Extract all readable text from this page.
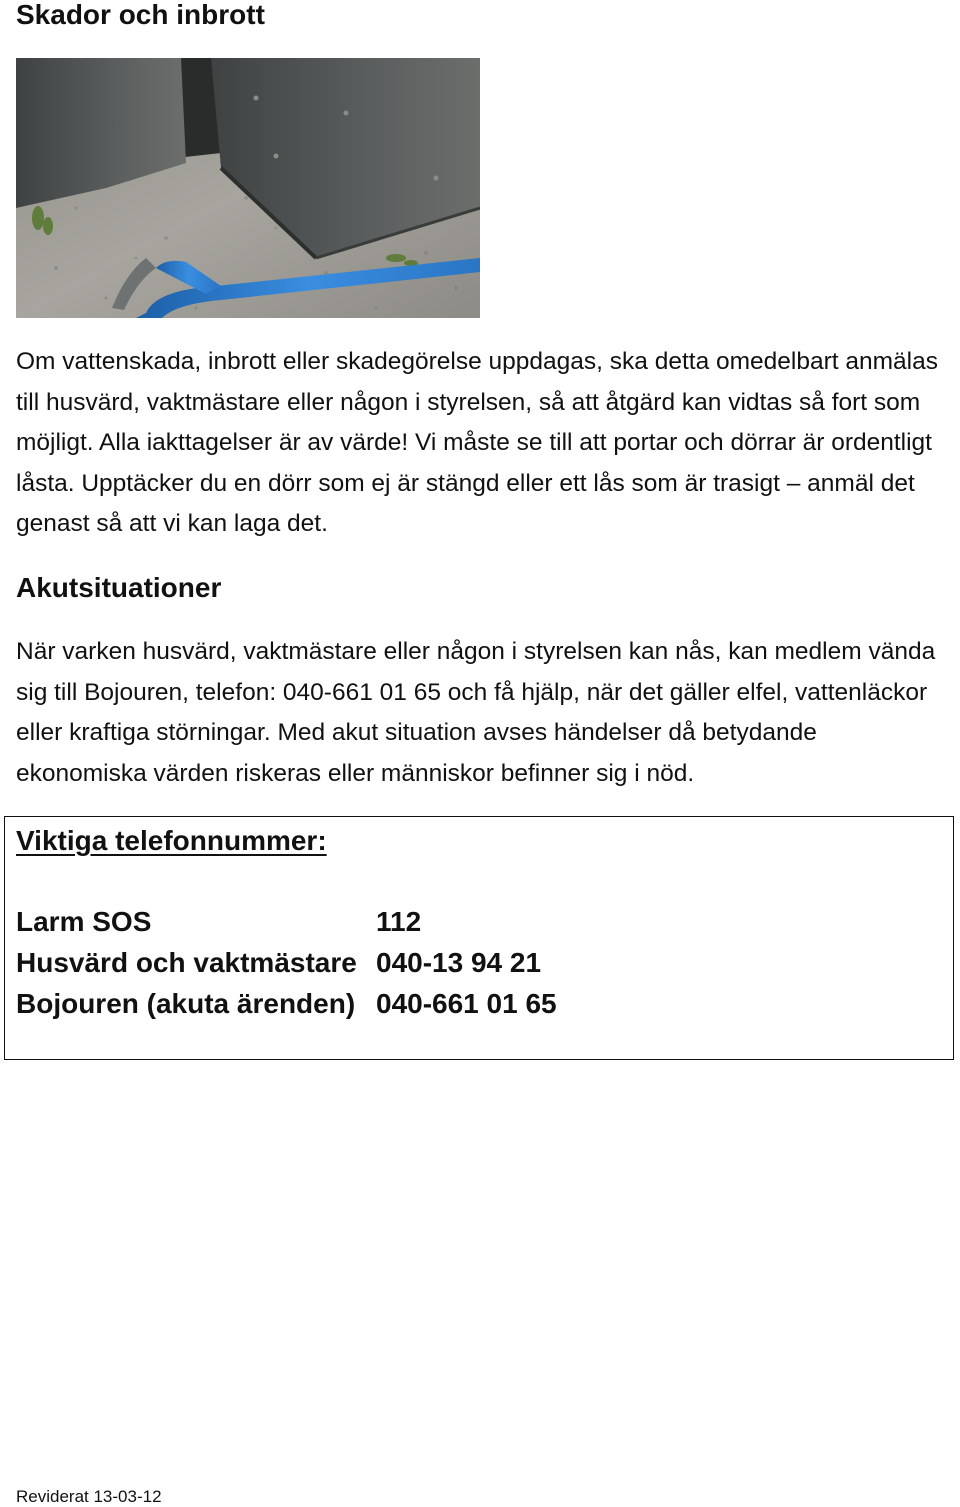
Skador och inbrott

Om vattenskada, inbrott eller skadegörelse uppdagas, ska detta omedelbart anmälas till husvärd, vaktmästare eller någon i styrelsen, så att åtgärd kan vidtas så fort som möjligt. Alla iakttagelser är av värde! Vi måste se till att portar och dörrar är ordentligt låsta. Upptäcker du en dörr som ej är stängd eller ett lås som är trasigt – anmäl det genast så att vi kan laga det.

Akutsituationer

När varken husvärd, vaktmästare eller någon i styrelsen kan nås, kan medlem vända sig till Bojouren, telefon: 040-661 01 65 och få hjälp, när det gäller elfel, vattenläckor eller kraftiga störningar. Med akut situation avses händelser då betydande ekonomiska värden riskeras eller människor befinner sig i nöd.

Viktiga telefonnummer:
Larm SOS	112
Husvärd och vaktmästare	040-13 94 21
Bojouren (akuta ärenden)	040-661 01 65
Reviderat 13-03-12
